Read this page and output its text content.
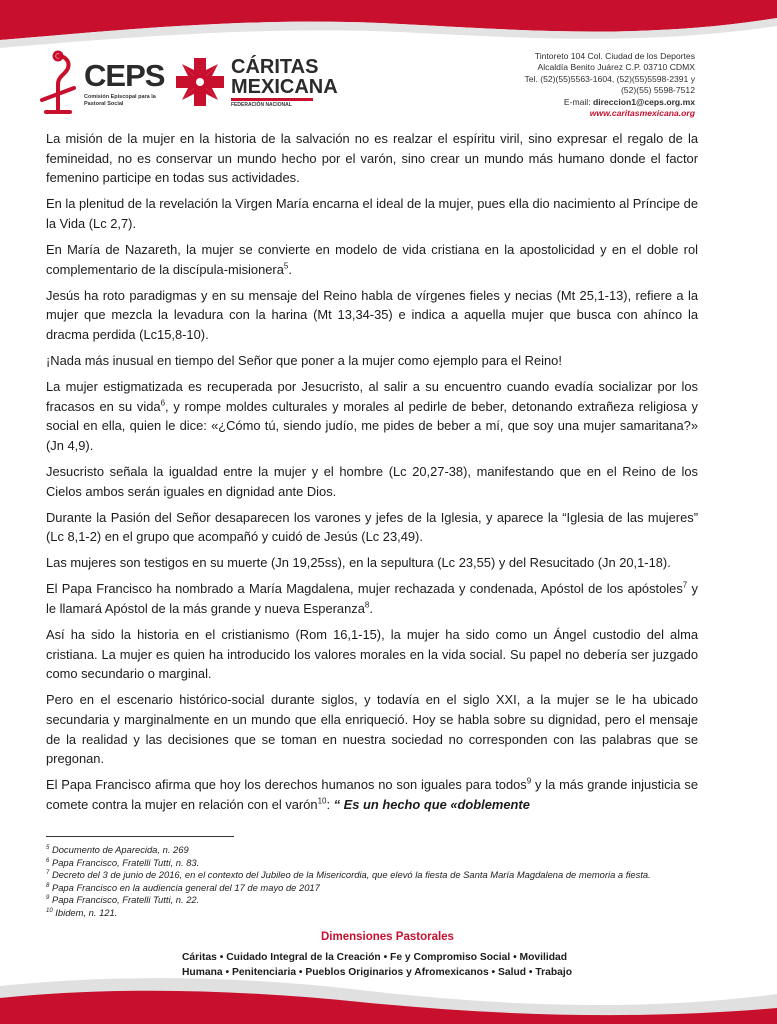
CEPS
Comisión Episcopal para la Pastoral Social
CÁRITAS MEXICANA
FEDERACIÓN NACIONAL
Tintoreto 104 Col. Ciudad de los Deportes
Alcaldía Benito Juárez C.P. 03710 CDMX
Tel. (52)(55)5563-1604, (52)(55)5598-2391 y
(52)(55) 5598-7512
E-mail: direccion1@ceps.org.mx
www.caritasmexicana.org

La misión de la mujer en la historia de la salvación no es realzar el espíritu viril, sino expresar el regalo de la femineidad, no es conservar un mundo hecho por el varón, sino crear un mundo más humano donde el factor femenino participe en todas sus actividades.

En la plenitud de la revelación la Virgen María encarna el ideal de la mujer, pues ella dio nacimiento al Príncipe de la Vida (Lc 2,7).

En María de Nazareth, la mujer se convierte en modelo de vida cristiana en la apostolicidad y en el doble rol complementario de la discípula-misionera$^5$.

Jesús ha roto paradigmas y en su mensaje del Reino habla de vírgenes fieles y necias (Mt 25,1-13), refiere a la mujer que mezcla la levadura con la harina (Mt 13,34-35) e indica a aquella mujer que busca con ahínco la dracma perdida (Lc15,8-10).

¡Nada más inusual en tiempo del Señor que poner a la mujer como ejemplo para el Reino!

La mujer estigmatizada es recuperada por Jesucristo, al salir a su encuentro cuando evadía socializar por los fracasos en su vida$^6$, y rompe moldes culturales y morales al pedirle de beber, detonando extrañeza religiosa y social en ella, quien le dice: «¿Cómo tú, siendo judío, me pides de beber a mí, que soy una mujer samaritana?» (Jn 4,9).

Jesucristo señala la igualdad entre la mujer y el hombre (Lc 20,27-38), manifestando que en el Reino de los Cielos ambos serán iguales en dignidad ante Dios.

Durante la Pasión del Señor desaparecen los varones y jefes de la Iglesia, y aparece la “Iglesia de las mujeres” (Lc 8,1-2) en el grupo que acompañó y cuidó de Jesús (Lc 23,49).

Las mujeres son testigos en su muerte (Jn 19,25ss), en la sepultura (Lc 23,55) y del Resucitado (Jn 20,1-18).

El Papa Francisco ha nombrado a María Magdalena, mujer rechazada y condenada, Apóstol de los apóstoles$^7$ y le llamará Apóstol de la más grande y nueva Esperanza$^8$.

Así ha sido la historia en el cristianismo (Rom 16,1-15), la mujer ha sido como un Ángel custodio del alma cristiana. La mujer es quien ha introducido los valores morales en la vida social. Su papel no debería ser juzgado como secundario o marginal.

Pero en el escenario histórico-social durante siglos, y todavía en el siglo XXI, a la mujer se le ha ubicado secundaria y marginalmente en un mundo que ella enriqueció. Hoy se habla sobre su dignidad, pero el mensaje de la realidad y las decisiones que se toman en nuestra sociedad no corresponden con las palabras que se pregonan.

El Papa Francisco afirma que hoy los derechos humanos no son iguales para todos$^9$ y la más grande injusticia se comete contra la mujer en relación con el varón$^{10}$: “ Es un hecho que «doblemente

$^5$ Documento de Aparecida, n. 269
$^6$ Papa Francisco, Fratelli Tutti, n. 83.
$^7$ Decreto del 3 de junio de 2016, en el contexto del Jubileo de la Misericordia, que elevó la fiesta de Santa María Magdalena de memoria a fiesta.
$^8$ Papa Francisco en la audiencia general del 17 de mayo de 2017
$^9$ Papa Francisco, Fratelli Tutti, n. 22.
$^{10}$ Ibidem, n. 121.
Dimensiones Pastorales
Cáritas • Cuidado Integral de la Creación • Fe y Compromiso Social • Movilidad
Humana • Penitenciaria • Pueblos Originarios y Afromexicanos • Salud • Trabajo
